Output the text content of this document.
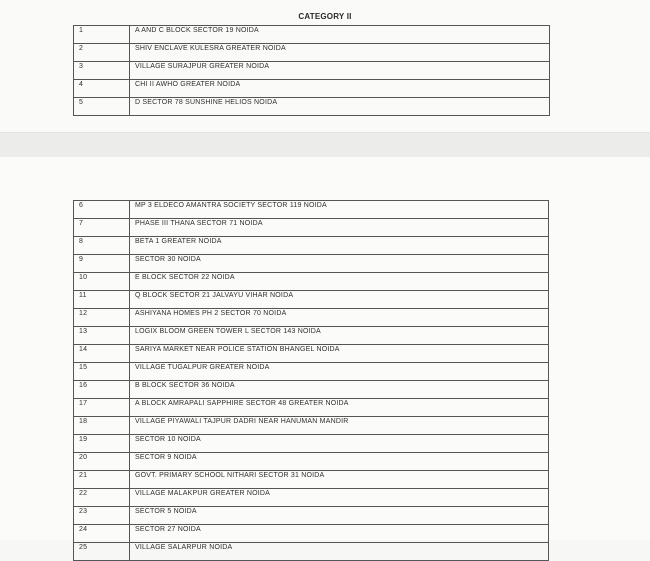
CATEGORY II
1	A AND C BLOCK SECTOR 19 NOIDA
2	SHIV ENCLAVE KULESRA GREATER NOIDA
3	VILLAGE SURAJPUR GREATER NOIDA
4	CHI II AWHO GREATER NOIDA
5	D SECTOR 78 SUNSHINE HELIOS NOIDA
6	MP 3 ELDECO AMANTRA SOCIETY SECTOR 119 NOIDA
7	PHASE III THANA SECTOR 71 NOIDA
8	BETA 1 GREATER NOIDA
9	SECTOR 30 NOIDA
10	E BLOCK SECTOR 22 NOIDA
11	Q BLOCK SECTOR 21 JALVAYU VIHAR NOIDA
12	ASHIYANA HOMES PH 2 SECTOR 70 NOIDA
13	LOGIX BLOOM GREEN TOWER L SECTOR 143 NOIDA
14	SARIYA MARKET NEAR POLICE STATION BHANGEL NOIDA
15	VILLAGE TUGALPUR GREATER NOIDA
16	B BLOCK SECTOR 36 NOIDA
17	A BLOCK AMRAPALI SAPPHIRE SECTOR 48 GREATER NOIDA
18	VILLAGE PIYAWALI TAJPUR DADRI NEAR HANUMAN MANDIR
19	SECTOR 10 NOIDA
20	SECTOR 9 NOIDA
21	GOVT. PRIMARY SCHOOL NITHARI SECTOR 31 NOIDA
22	VILLAGE MALAKPUR GREATER NOIDA
23	SECTOR 5 NOIDA
24	SECTOR 27 NOIDA
25	VILLAGE SALARPUR NOIDA
